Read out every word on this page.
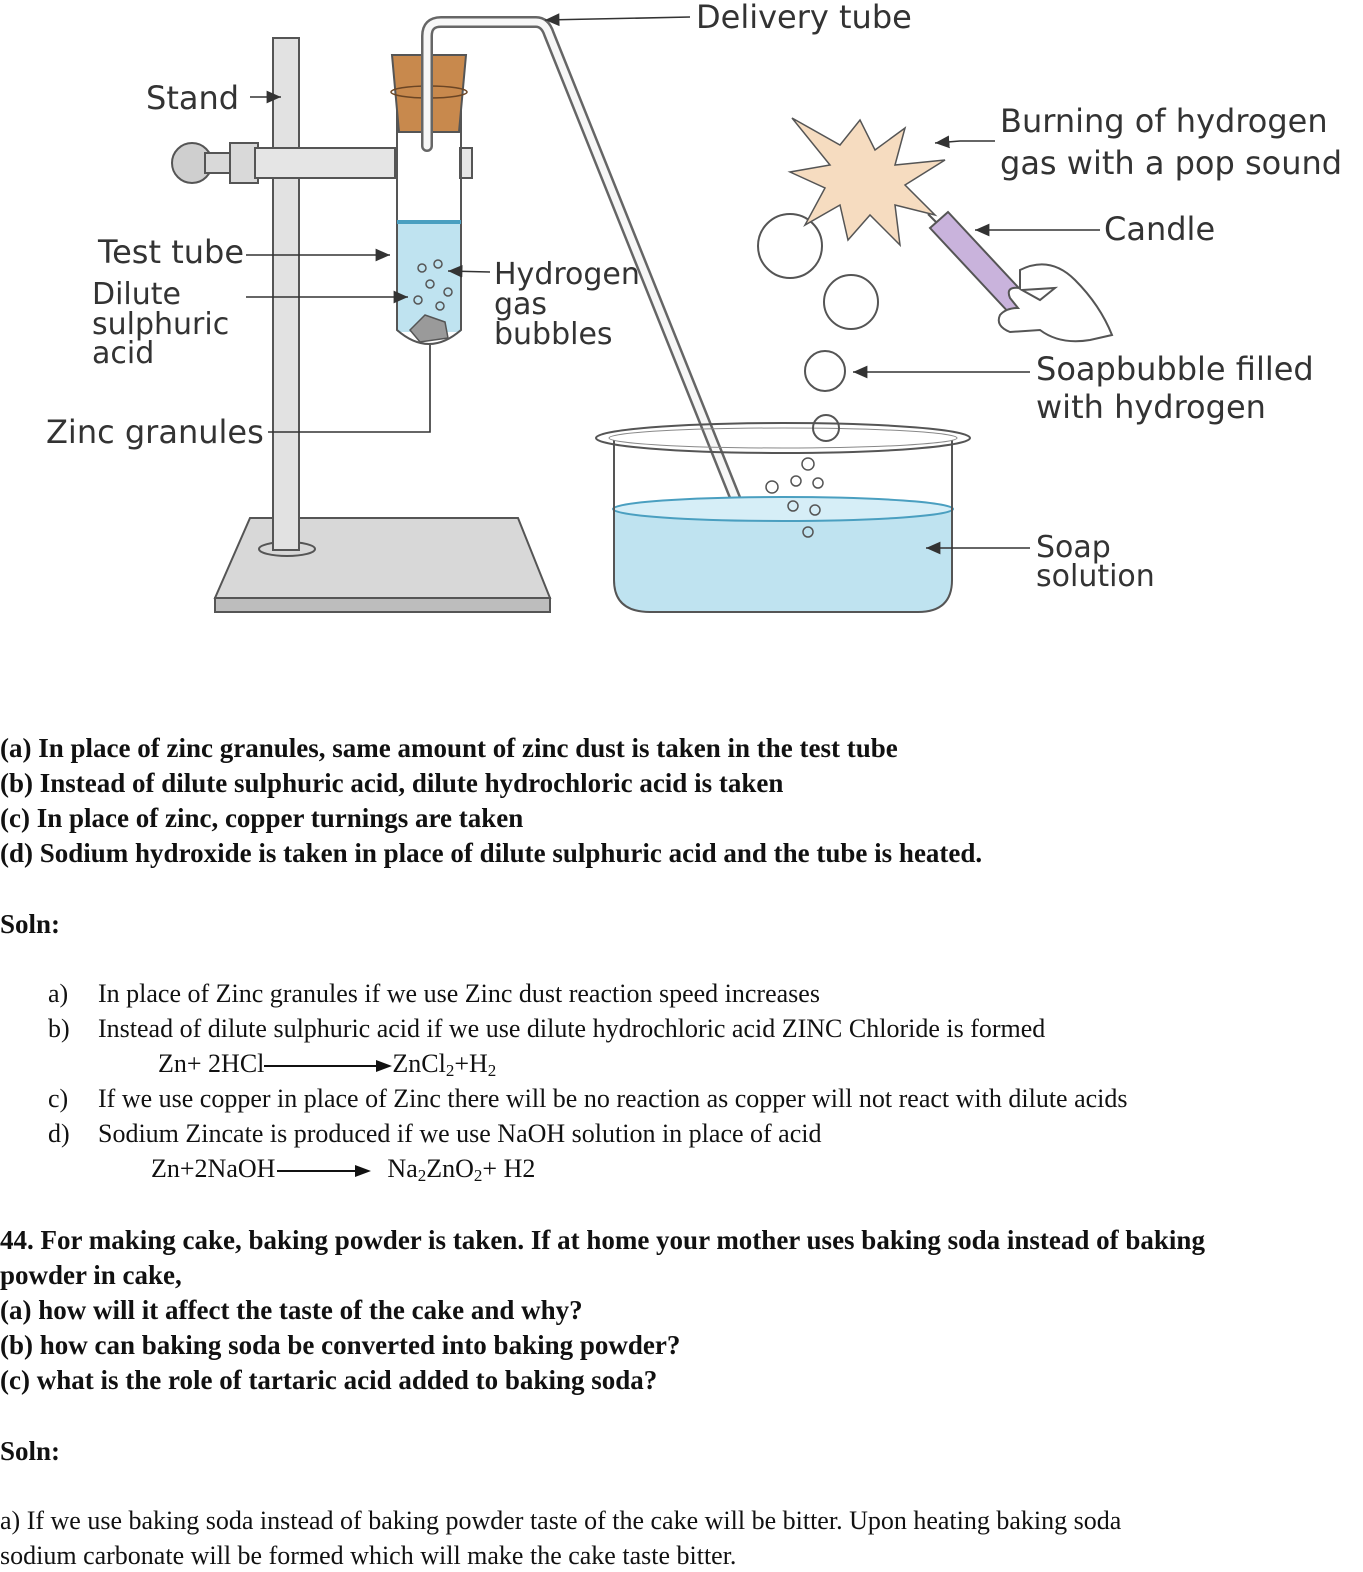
Delivery tube
Stand
Burning of hydrogen
gas with a pop sound
Candle
Test tube
Dilute
sulphuric
acid
Hydrogen
gas
bubbles
Soapbubble filled
with hydrogen
Zinc granules
Soap
solution
(a) In place of zinc granules, same amount of zinc dust is taken in the test tube
(b) Instead of dilute sulphuric acid, dilute hydrochloric acid is taken
(c) In place of zinc, copper turnings are taken
(d) Sodium hydroxide is taken in place of dilute sulphuric acid and the tube is heated.
Soln:
a) In place of Zinc granules if we use Zinc dust reaction speed increases
b) Instead of dilute sulphuric acid if we use dilute hydrochloric acid ZINC Chloride is formed
Zn+ 2HCl	$ZnCl_2+H_2$
c) If we use copper in place of Zinc there will be no reaction as copper will not react with dilute acids
d) Sodium Zincate is produced if we use NaOH solution in place of acid
Zn+2NaOH→ $Na_2ZnO_2+ H2$
44. For making cake, baking powder is taken. If at home your mother uses baking soda instead of baking
powder in cake,
(a) how will it affect the taste of the cake and why?
(b) how can baking soda be converted into baking powder?
(c) what is the role of tartaric acid added to baking soda?
Soln:
a) If we use baking soda instead of baking powder taste of the cake will be bitter. Upon heating baking soda
sodium carbonate will be formed which will make the cake taste bitter.
